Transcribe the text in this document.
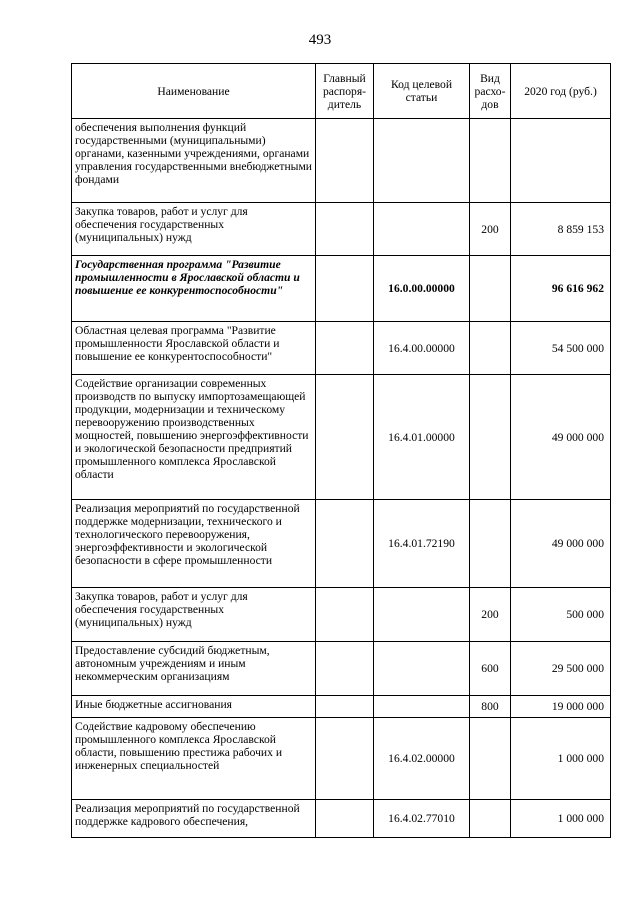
493
Наименование	Главный распоря-дитель	Код целевой статьи	Вид расхо-дов	2020 год (руб.)
обеспечения выполнения функций государственными (муниципальными) органами, казенными учреждениями, органами управления государственными внебюджетными фондами				
Закупка товаров, работ и услуг для обеспечения государственных (муниципальных) нужд			200	8 859 153
Государственная программа "Развитие промышленности в Ярославской области и повышение ее конкурентоспособности"		16.0.00.00000		96 616 962
Областная целевая программа "Развитие промышленности Ярославской области и повышение ее конкурентоспособности"		16.4.00.00000		54 500 000
Содействие организации современных производств по выпуску импортозамещающей продукции, модернизации и техническому перевооружению производственных мощностей, повышению энергоэффективности и экологической безопасности предприятий промышленного комплекса Ярославской области		16.4.01.00000		49 000 000
Реализация мероприятий по государственной поддержке модернизации, технического и технологического перевооружения, энергоэффективности и экологической безопасности в сфере промышленности		16.4.01.72190		49 000 000
Закупка товаров, работ и услуг для обеспечения государственных (муниципальных) нужд			200	500 000
Предоставление субсидий бюджетным, автономным учреждениям и иным некоммерческим организациям			600	29 500 000
Иные бюджетные ассигнования			800	19 000 000
Содействие кадровому обеспечению промышленного комплекса Ярославской области, повышению престижа рабочих и инженерных специальностей		16.4.02.00000		1 000 000
Реализация мероприятий по государственной поддержке кадрового обеспечения,		16.4.02.77010		1 000 000
